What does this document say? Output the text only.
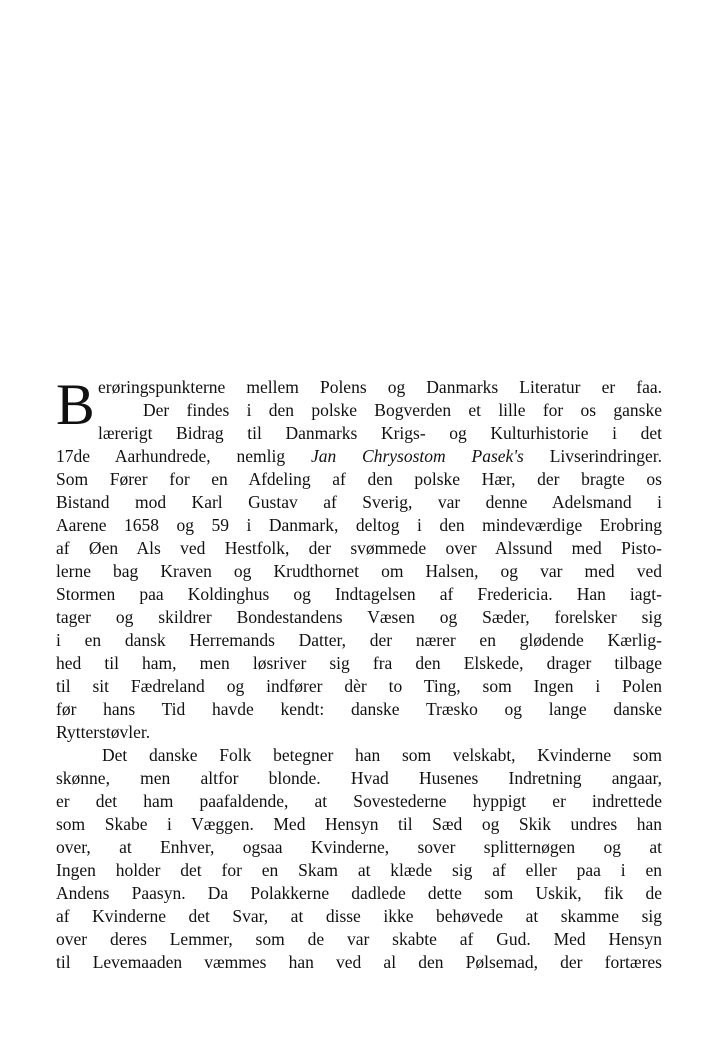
B erøringspunkterne mellem Polens og Danmarks Literatur er faa.
Der findes i den polske Bogverden et lille for os ganske
lærerigt Bidrag til Danmarks Krigs- og Kulturhistorie i det
17de Aarhundrede, nemlig Jan Chrysostom Pasek's Livserindringer.
Som Fører for en Afdeling af den polske Hær, der bragte os
Bistand mod Karl Gustav af Sverig, var denne Adelsmand i
Aarene 1658 og 59 i Danmark, deltog i den mindeværdige Erobring
af Øen Als ved Hestfolk, der svømmede over Alssund med Pisto-
lerne bag Kraven og Krudthornet om Halsen, og var med ved
Stormen paa Koldinghus og Indtagelsen af Fredericia. Han iagt-
tager og skildrer Bondestandens Væsen og Sæder, forelsker sig
i en dansk Herremands Datter, der nærer en glødende Kærlig-
hed til ham, men løsriver sig fra den Elskede, drager tilbage
til sit Fædreland og indfører dèr to Ting, som Ingen i Polen
før hans Tid havde kendt: danske Træsko og lange danske
Rytterstøvler.
Det danske Folk betegner han som velskabt, Kvinderne som
skønne, men altfor blonde. Hvad Husenes Indretning angaar,
er det ham paafaldende, at Sovestederne hyppigt er indrettede
som Skabe i Væggen. Med Hensyn til Sæd og Skik undres han
over, at Enhver, ogsaa Kvinderne, sover splitternøgen og at
Ingen holder det for en Skam at klæde sig af eller paa i en
Andens Paasyn. Da Polakkerne dadlede dette som Uskik, fik de
af Kvinderne det Svar, at disse ikke behøvede at skamme sig
over deres Lemmer, som de var skabte af Gud. Med Hensyn
til Levemaaden væmmes han ved al den Pølsemad, der fortæres
